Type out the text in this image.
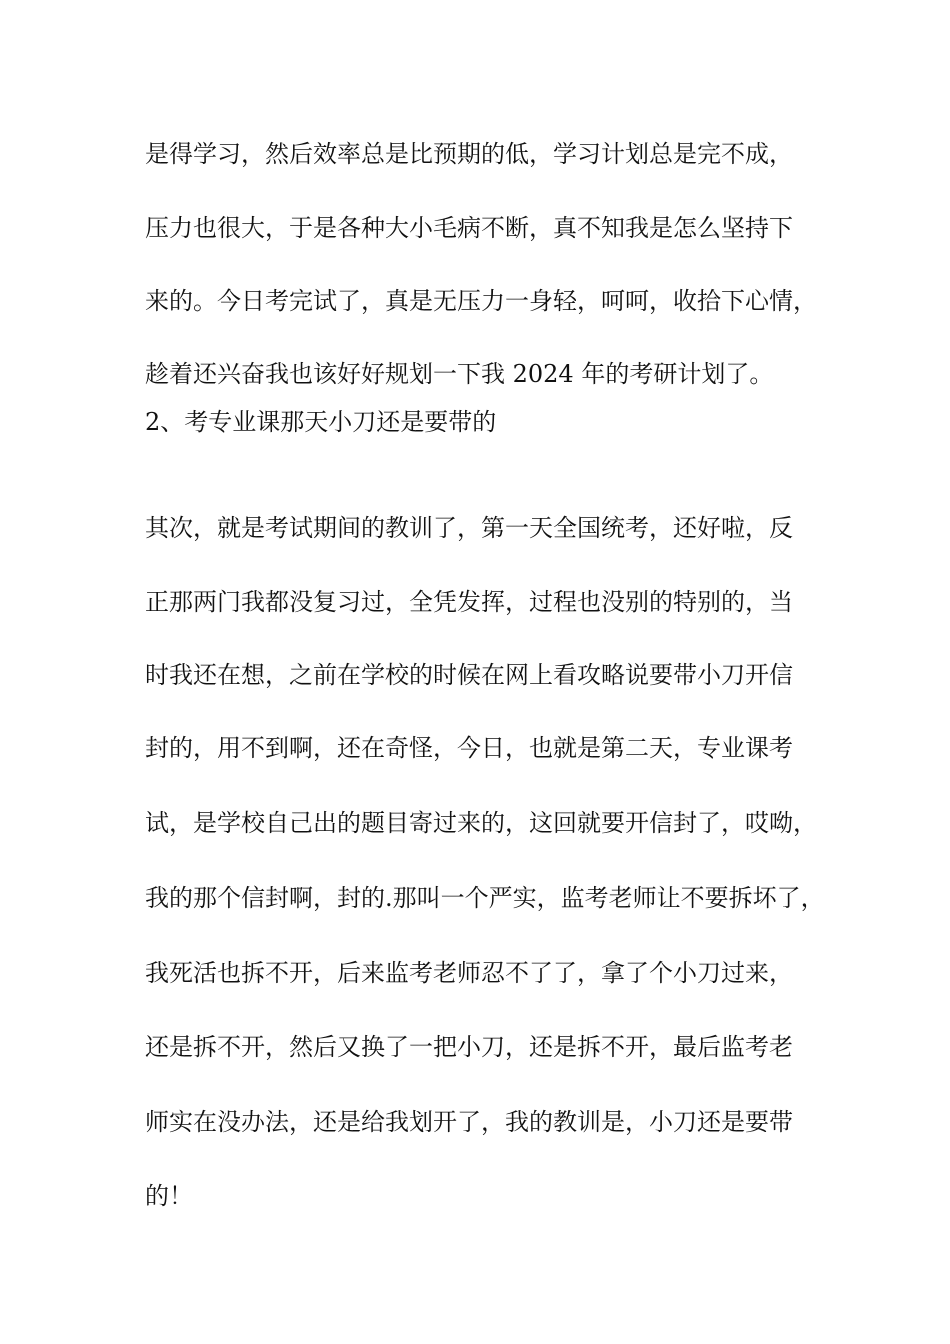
是得学习，然后效率总是比预期的低，学习计划总是完不成，
压力也很大，于是各种大小毛病不断，真不知我是怎么坚持下
来的。今日考完试了，真是无压力一身轻，呵呵，收拾下心情，
趁着还兴奋我也该好好规划一下我 2024 年的考研计划了。
2、考专业课那天小刀还是要带的
其次，就是考试期间的教训了，第一天全国统考，还好啦，反
正那两门我都没复习过，全凭发挥，过程也没别的特别的，当
时我还在想，之前在学校的时候在网上看攻略说要带小刀开信
封的，用不到啊，还在奇怪，今日，也就是第二天，专业课考
试，是学校自己出的题目寄过来的，这回就要开信封了，哎呦，
我的那个信封啊，封的.那叫一个严实，监考老师让不要拆坏了，
我死活也拆不开，后来监考老师忍不了了，拿了个小刀过来，
还是拆不开，然后又换了一把小刀，还是拆不开，最后监考老
师实在没办法，还是给我划开了，我的教训是，小刀还是要带
的！
